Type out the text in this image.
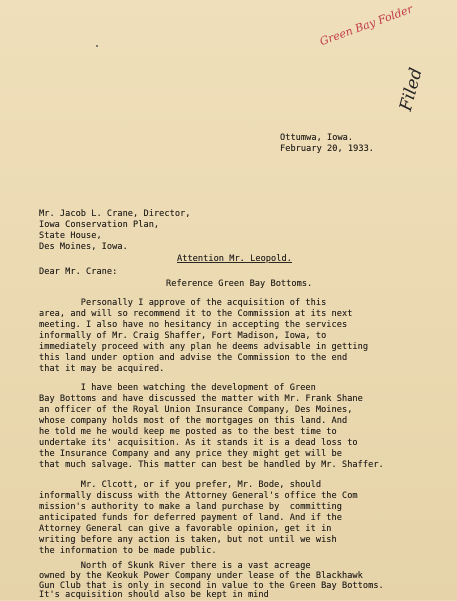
Green Bay Folder
Filed
Ottumwa, Iowa.
February 20, 1933.
Mr. Jacob L. Crane, Director,
Iowa Conservation Plan,
State House,
Des Moines, Iowa.
Attention Mr. Leopold.
Dear Mr. Crane:
Reference Green Bay Bottoms.
Personally I approve of the acquisition of this
area, and will so recommend it to the Commission at its next
meeting. I also have no hesitancy in accepting the services
informally of Mr. Craig Shaffer, Fort Madison, Iowa, to
immediately proceed with any plan he deems advisable in getting
this land under option and advise the Commission to the end
that it may be acquired.
I have been watching the development of Green
Bay Bottoms and have discussed the matter with Mr. Frank Shane
an officer of the Royal Union Insurance Company, Des Moines,
whose company holds most of the mortgages on this land. And
he told me he would keep me posted as to the best time to
undertake its' acquisition. As it stands it is a dead loss to
the Insurance Company and any price they might get will be
that much salvage. This matter can best be handled by Mr. Shaffer.
Mr. Clcott, or if you prefer, Mr. Bode, should
informally discuss with the Attorney General's office the Com
mission's authority to make a land purchase by  committing
anticipated funds for deferred payment of land. And if the
Attorney General can give a favorable opinion, get it in
writing before any action is taken, but not until we wish
the information to be made public.
North of Skunk River there is a vast acreage
owned by the Keokuk Power Company under lease of the Blackhawk
Gun Club that is only in second in value to the Green Bay Bottoms.
It's acquisition should also be kept in mind
